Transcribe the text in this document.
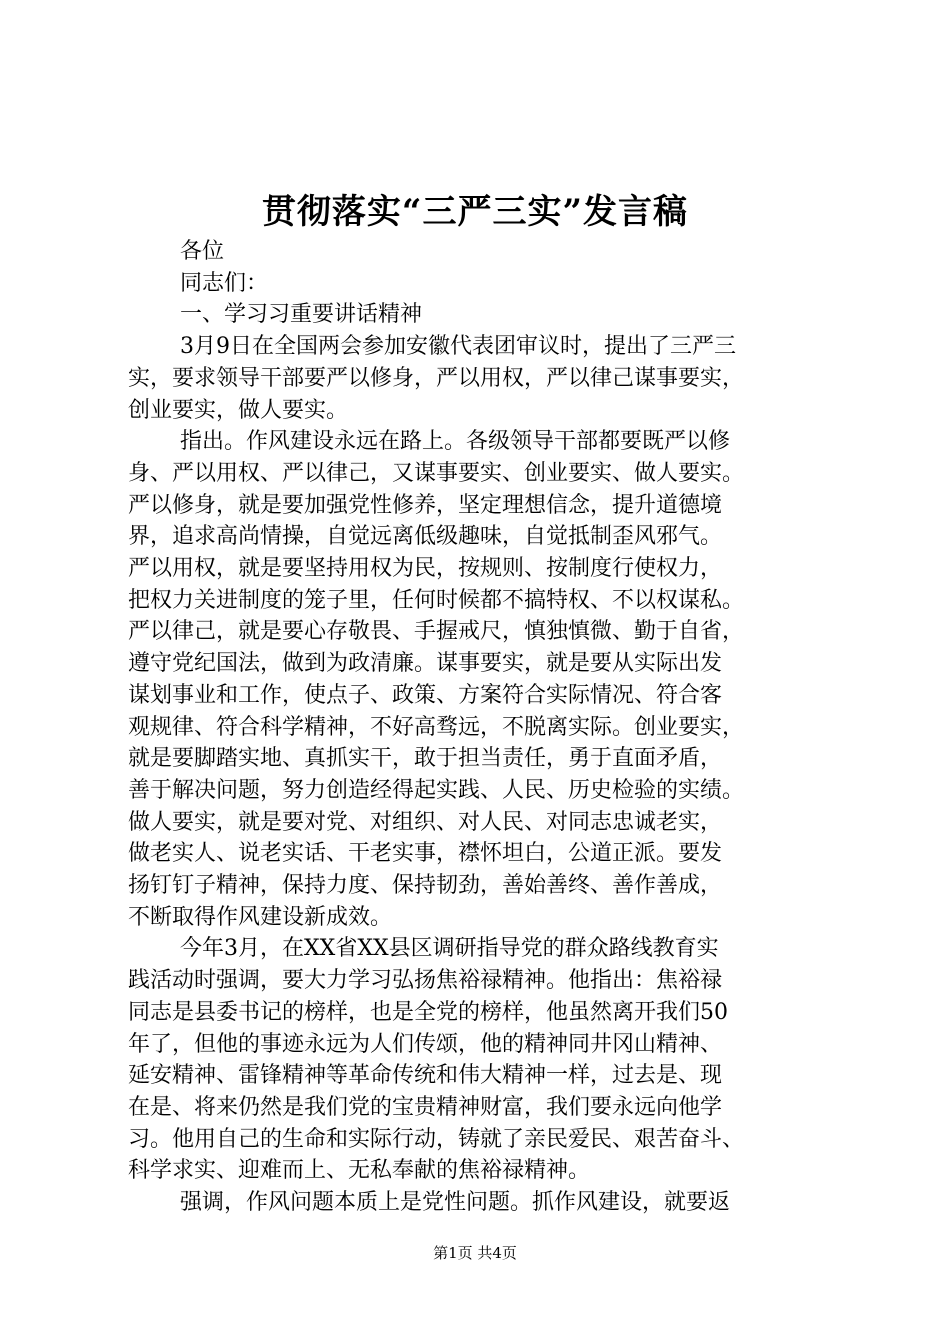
贯彻落实“三严三实”发言稿

各位

同志们：

一、学习习重要讲话精神

3月9日在全国两会参加安徽代表团审议时，提出了三严三
实，要求领导干部要严以修身，严以用权，严以律己谋事要实，
创业要实，做人要实。
指出。作风建设永远在路上。各级领导干部都要既严以修
身、严以用权、严以律己，又谋事要实、创业要实、做人要实。
严以修身，就是要加强党性修养，坚定理想信念，提升道德境
界，追求高尚情操，自觉远离低级趣味，自觉抵制歪风邪气。
严以用权，就是要坚持用权为民，按规则、按制度行使权力，
把权力关进制度的笼子里，任何时候都不搞特权、不以权谋私。
严以律己，就是要心存敬畏、手握戒尺，慎独慎微、勤于自省，
遵守党纪国法，做到为政清廉。谋事要实，就是要从实际出发
谋划事业和工作，使点子、政策、方案符合实际情况、符合客
观规律、符合科学精神，不好高骛远，不脱离实际。创业要实，
就是要脚踏实地、真抓实干，敢于担当责任，勇于直面矛盾，
善于解决问题，努力创造经得起实践、人民、历史检验的实绩。
做人要实，就是要对党、对组织、对人民、对同志忠诚老实，
做老实人、说老实话、干老实事，襟怀坦白，公道正派。要发
扬钉钉子精神，保持力度、保持韧劲，善始善终、善作善成，
不断取得作风建设新成效。
今年3月，在XX省XX县区调研指导党的群众路线教育实
践活动时强调，要大力学习弘扬焦裕禄精神。他指出：焦裕禄
同志是县委书记的榜样，也是全党的榜样，他虽然离开我们50
年了，但他的事迹永远为人们传颂，他的精神同井冈山精神、
延安精神、雷锋精神等革命传统和伟大精神一样，过去是、现
在是、将来仍然是我们党的宝贵精神财富，我们要永远向他学
习。他用自己的生命和实际行动，铸就了亲民爱民、艰苦奋斗、
科学求实、迎难而上、无私奉献的焦裕禄精神。
强调，作风问题本质上是党性问题。抓作风建设，就要返
第1页 共4页
